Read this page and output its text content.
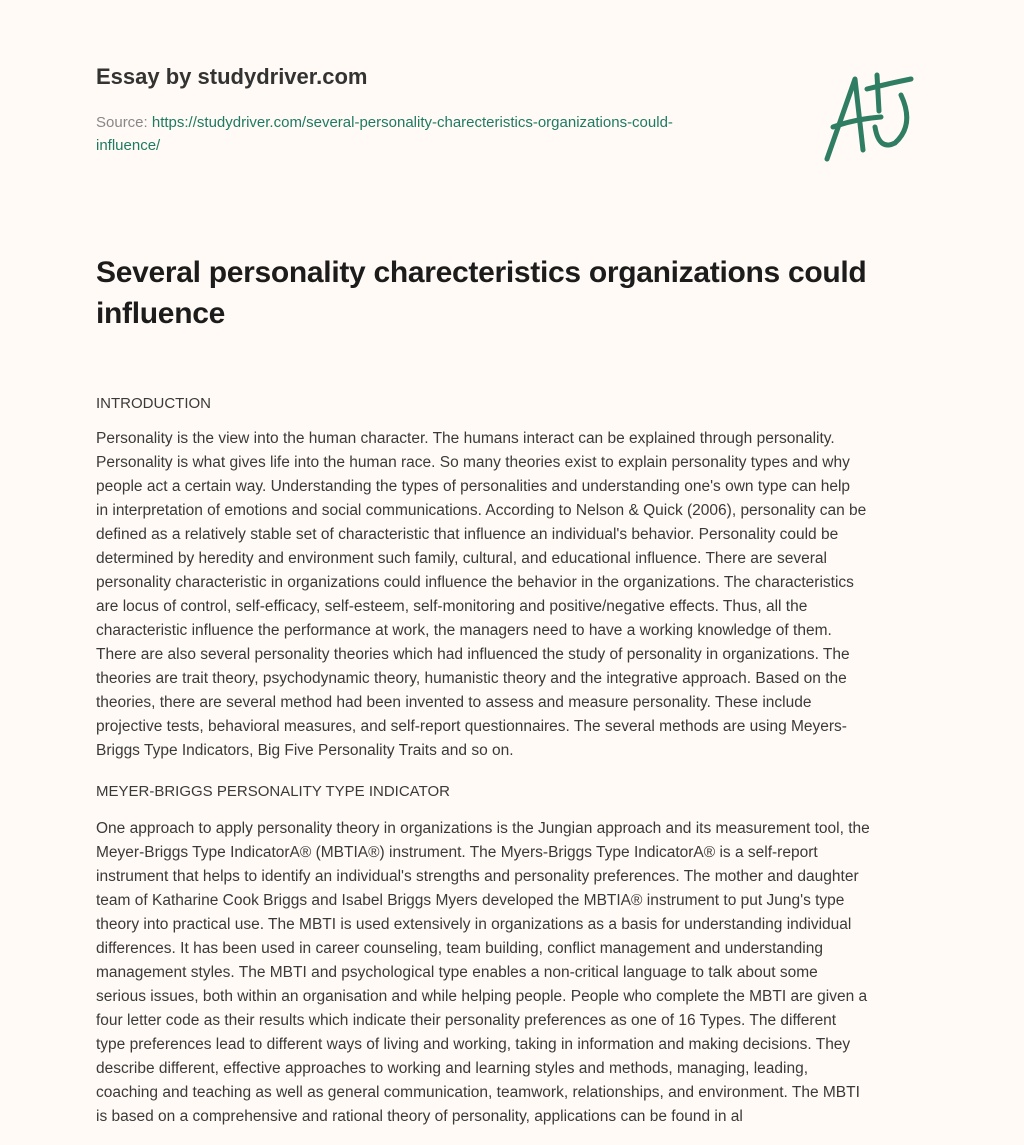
Essay by studydriver.com
Source: https://studydriver.com/several-personality-charecteristics-organizations-could-
influence/
Several personality charecteristics organizations could influence
INTRODUCTION
Personality is the view into the human character. The humans interact can be explained through personality.
Personality is what gives life into the human race. So many theories exist to explain personality types and why
people act a certain way. Understanding the types of personalities and understanding one's own type can help
in interpretation of emotions and social communications. According to Nelson & Quick (2006), personality can be
defined as a relatively stable set of characteristic that influence an individual's behavior. Personality could be
determined by heredity and environment such family, cultural, and educational influence. There are several
personality characteristic in organizations could influence the behavior in the organizations. The characteristics
are locus of control, self-efficacy, self-esteem, self-monitoring and positive/negative effects. Thus, all the
characteristic influence the performance at work, the managers need to have a working knowledge of them.
There are also several personality theories which had influenced the study of personality in organizations. The
theories are trait theory, psychodynamic theory, humanistic theory and the integrative approach. Based on the
theories, there are several method had been invented to assess and measure personality. These include
projective tests, behavioral measures, and self-report questionnaires. The several methods are using Meyers-
Briggs Type Indicators, Big Five Personality Traits and so on.
MEYER-BRIGGS PERSONALITY TYPE INDICATOR
One approach to apply personality theory in organizations is the Jungian approach and its measurement tool, the
Meyer-Briggs Type IndicatorA® (MBTIA®) instrument. The Myers-Briggs Type IndicatorA® is a self-report
instrument that helps to identify an individual's strengths and personality preferences. The mother and daughter
team of Katharine Cook Briggs and Isabel Briggs Myers developed the MBTIA® instrument to put Jung's type
theory into practical use. The MBTI is used extensively in organizations as a basis for understanding individual
differences. It has been used in career counseling, team building, conflict management and understanding
management styles. The MBTI and psychological type enables a non-critical language to talk about some
serious issues, both within an organisation and while helping people. People who complete the MBTI are given a
four letter code as their results which indicate their personality preferences as one of 16 Types. The different
type preferences lead to different ways of living and working, taking in information and making decisions. They
describe different, effective approaches to working and learning styles and methods, managing, leading,
coaching and teaching as well as general communication, teamwork, relationships, and environment. The MBTI
is based on a comprehensive and rational theory of personality, applications can be found in al
